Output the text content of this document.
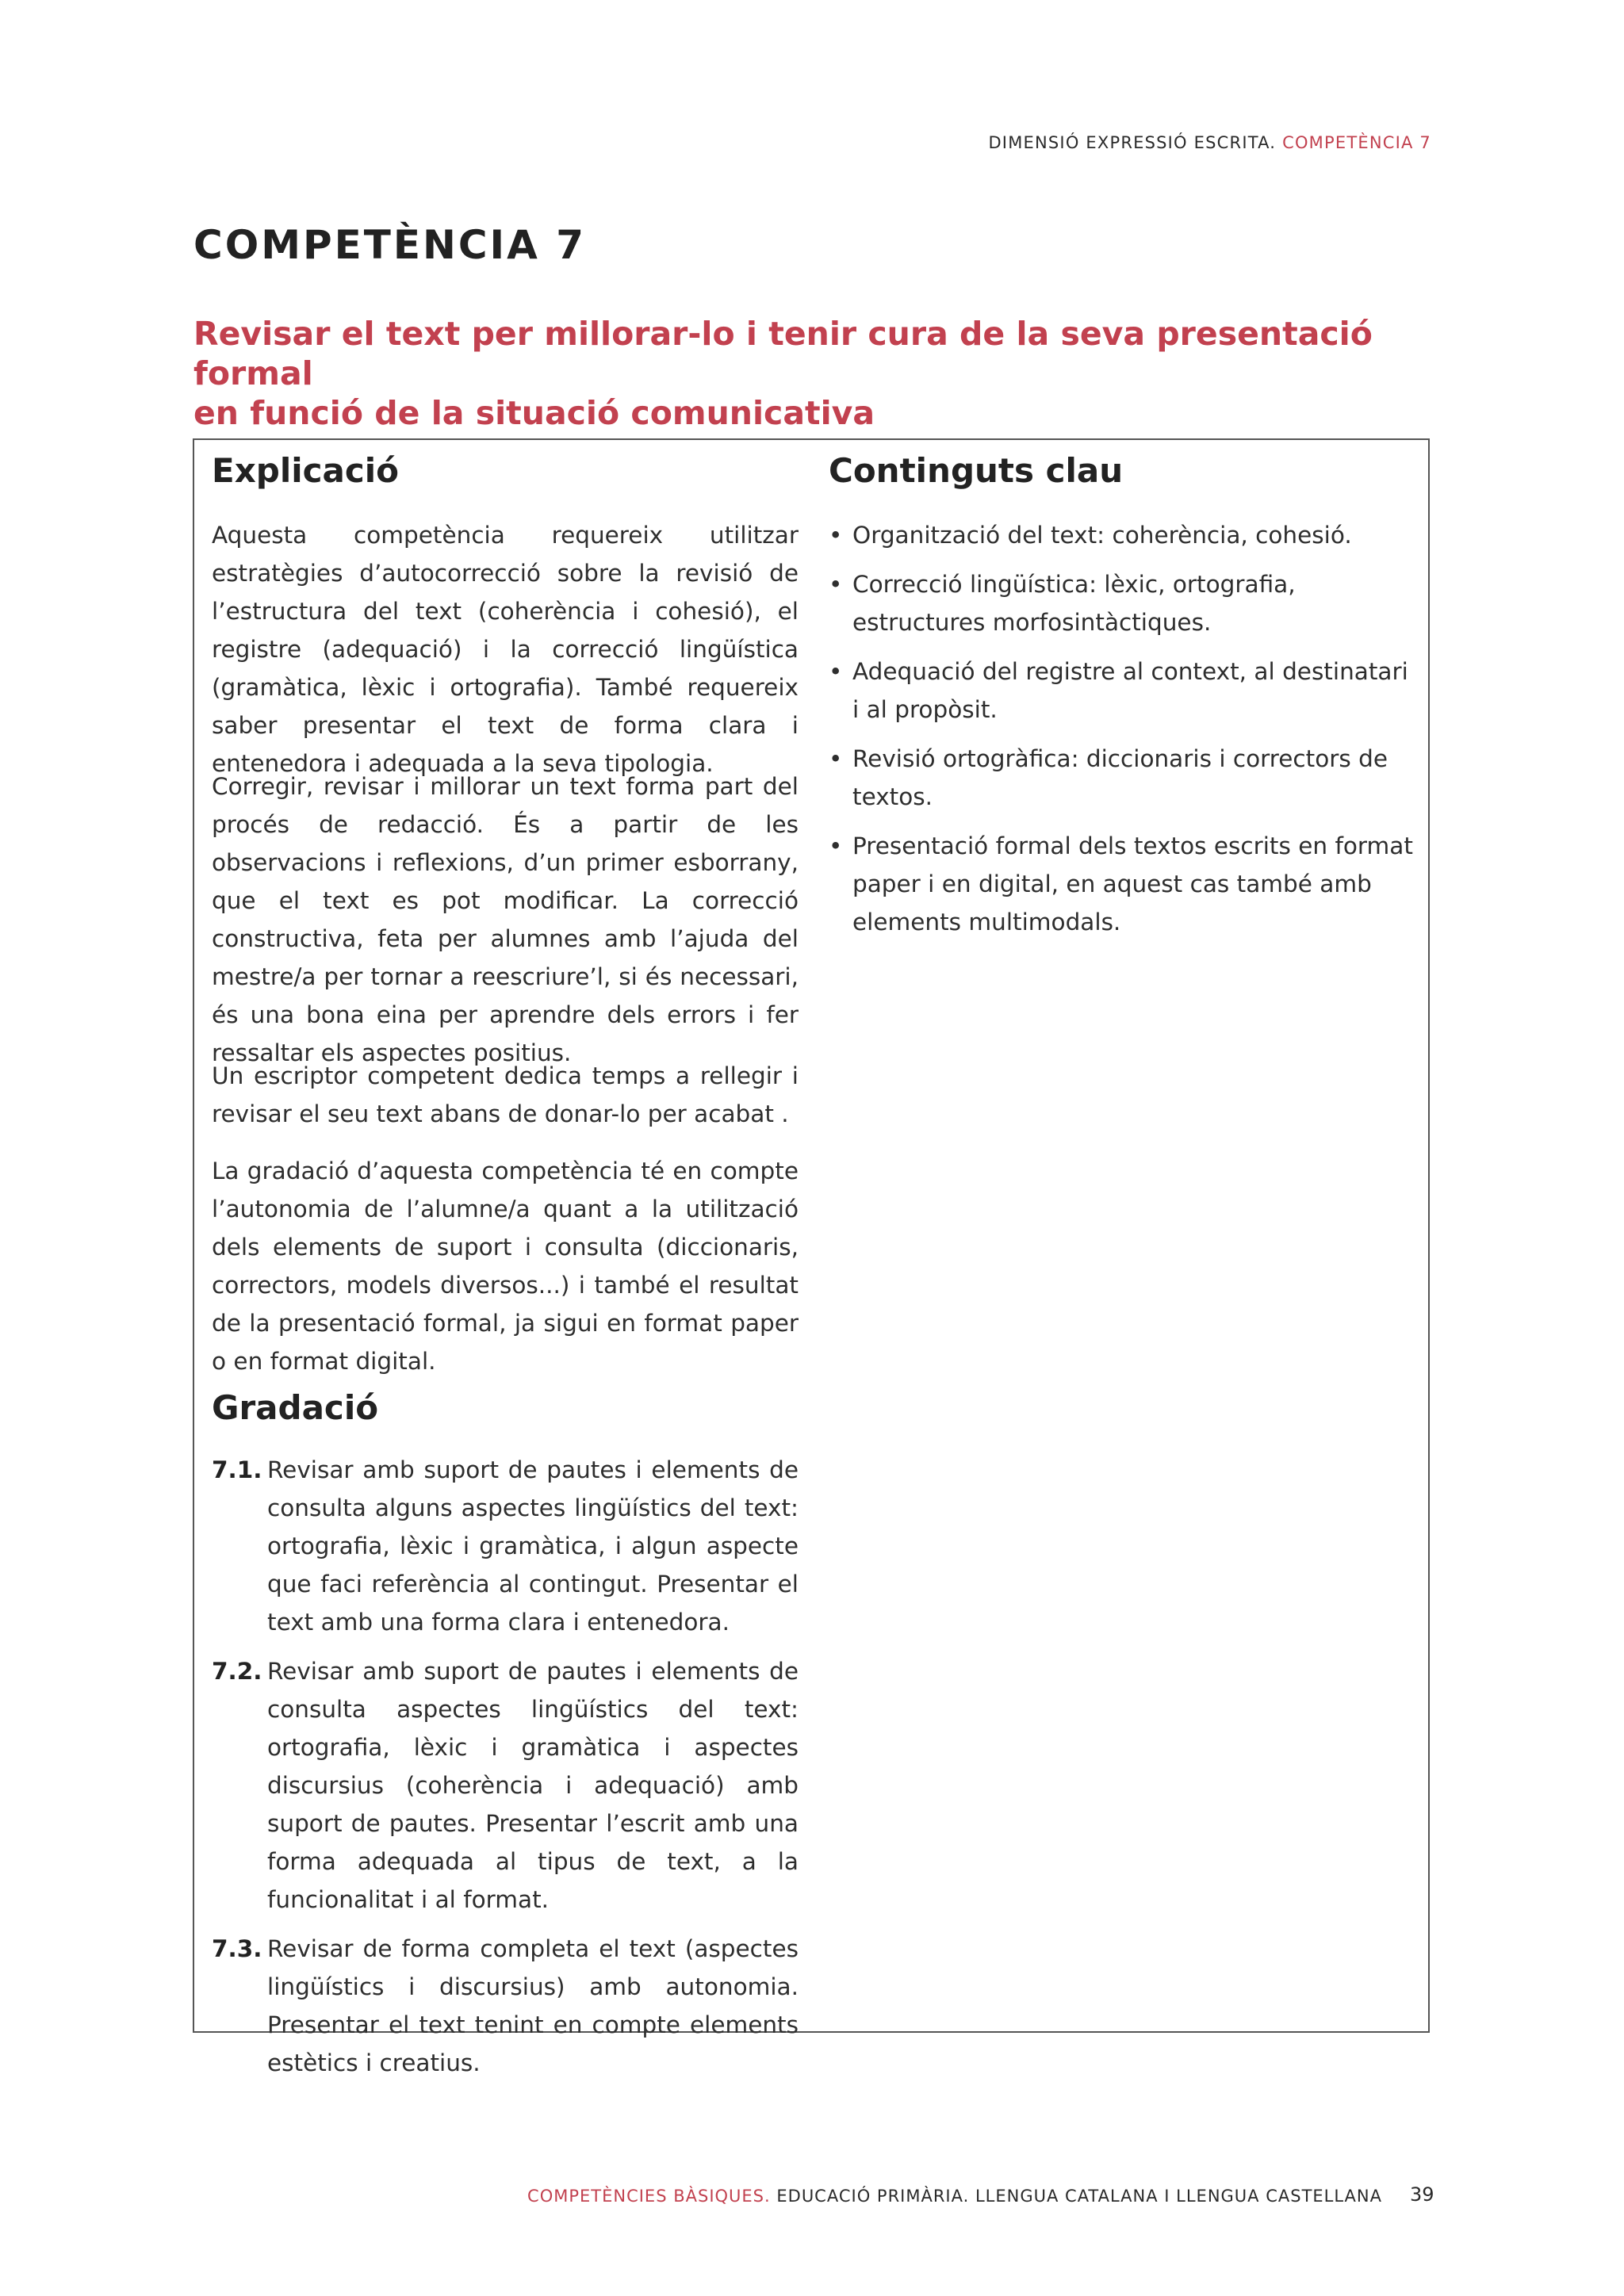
DIMENSIÓ EXPRESSIÓ ESCRITA. COMPETÈNCIA 7
COMPETÈNCIA 7
Revisar el text per millorar-lo i tenir cura de la seva presentació formal
en funció de la situació comunicativa
Explicació

Aquesta competència requereix utilitzar estratègies d’autocorrecció sobre la revisió de l’estructura del text (coherència i cohesió), el registre (adequació) i la correcció lingüística (gramàtica, lèxic i ortografia). També requereix saber presentar el text de forma clara i entenedora i adequada a la seva tipologia.

Corregir, revisar i millorar un text forma part del procés de redacció. És a partir de les observacions i reflexions, d’un primer esborrany, que el text es pot modificar. La correcció constructiva, feta per alumnes amb l’ajuda del mestre/a per tornar a reescriure’l, si és necessari, és una bona eina per aprendre dels errors i fer ressaltar els aspectes positius.

Un escriptor competent dedica temps a rellegir i revisar el seu text abans de donar-lo per acabat .

La gradació d’aquesta competència té en compte l’autonomia de l’alumne/a quant a la utilització dels elements de suport i consulta (diccionaris, correctors, models diversos...) i també el resultat de la presentació formal, ja sigui en format paper o en format digital.

Gradació
7.1. Revisar amb suport de pautes i elements de consulta alguns aspectes lingüístics del text: ortografia, lèxic i gramàtica, i algun aspecte que faci referència al contingut. Presentar el text amb una forma clara i entenedora.
7.2. Revisar amb suport de pautes i elements de consulta aspectes lingüístics del text: ortografia, lèxic i gramàtica i aspectes discursius (coherència i adequació) amb suport de pautes. Presentar l’escrit amb una forma adequada al tipus de text, a la funcionalitat i al format.
7.3. Revisar de forma completa el text (aspectes lingüístics i discursius) amb autonomia. Presentar el text tenint en compte elements estètics i creatius.
Continguts clau
• Organització del text: coherència, cohesió.
• Correcció lingüística: lèxic, ortografia, estructures morfosintàctiques.
• Adequació del registre al context, al destinatari i al propòsit.
• Revisió ortogràfica: diccionaris i correctors de textos.
• Presentació formal dels textos escrits en format paper i en digital, en aquest cas també amb elements multimodals.
COMPETÈNCIES BÀSIQUES. EDUCACIÓ PRIMÀRIA. LLENGUA CATALANA I LLENGUA CASTELLANA 39
